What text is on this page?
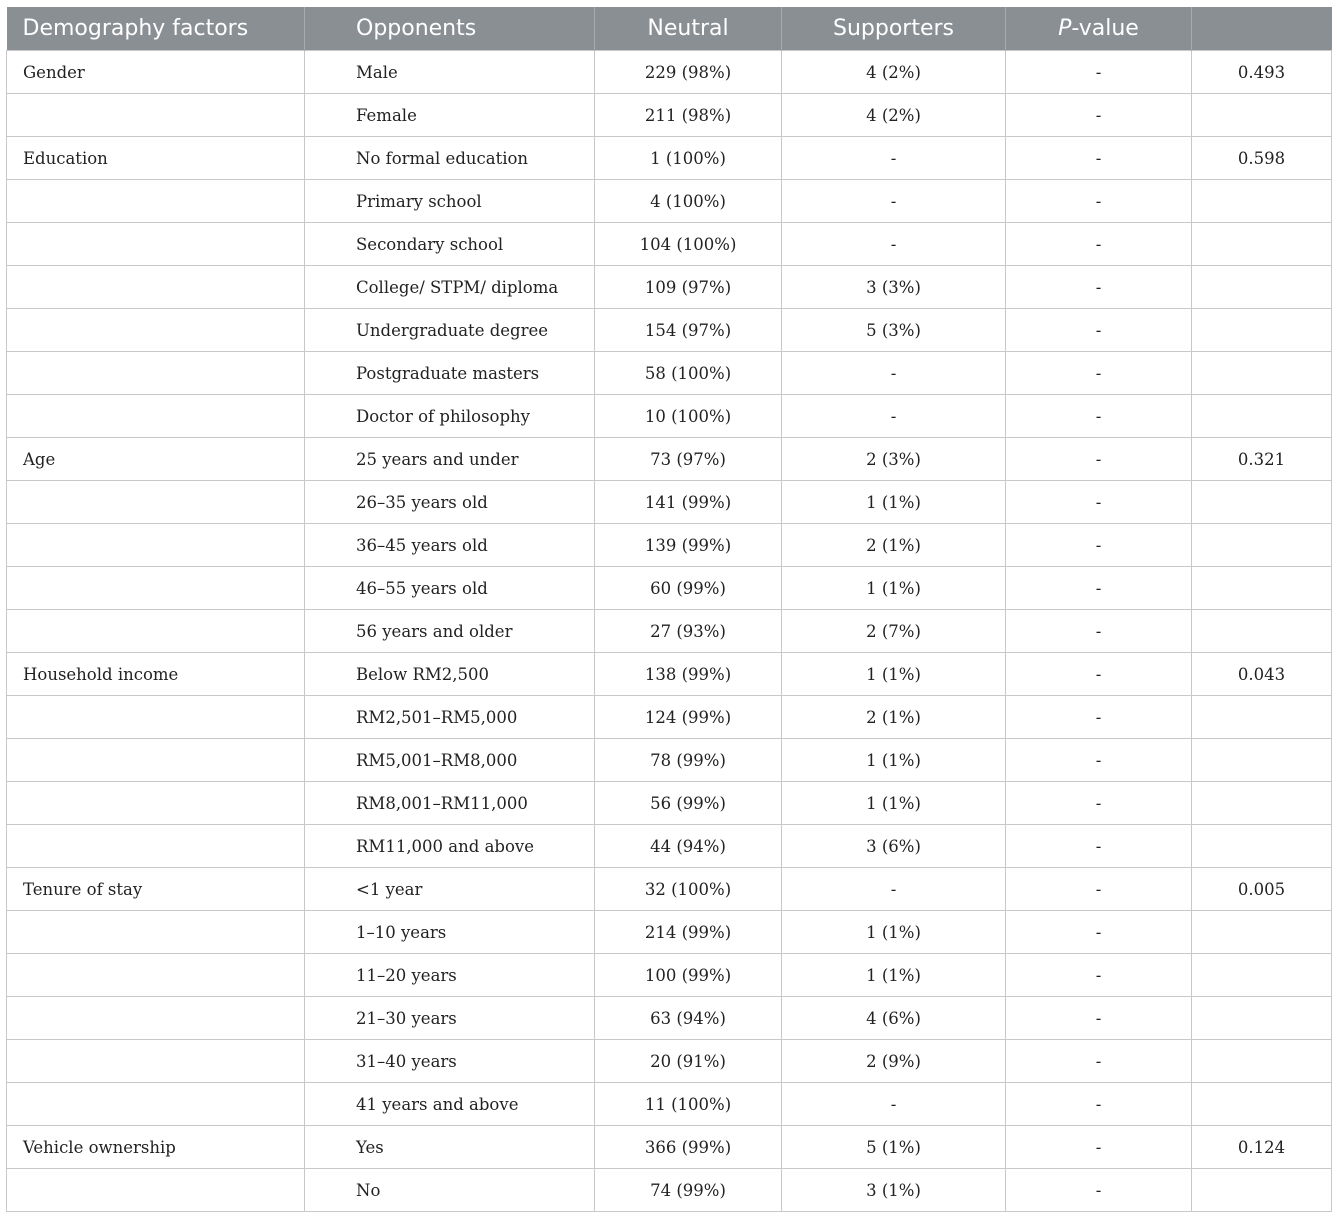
Demography factors	Opponents	Neutral	Supporters	P-value	
Gender	Male	229 (98%)	4 (2%)	-	0.493
	Female	211 (98%)	4 (2%)	-	
Education	No formal education	1 (100%)	-	-	0.598
	Primary school	4 (100%)	-	-	
	Secondary school	104 (100%)	-	-	
	College/ STPM/ diploma	109 (97%)	3 (3%)	-	
	Undergraduate degree	154 (97%)	5 (3%)	-	
	Postgraduate masters	58 (100%)	-	-	
	Doctor of philosophy	10 (100%)	-	-	
Age	25 years and under	73 (97%)	2 (3%)	-	0.321
	26–35 years old	141 (99%)	1 (1%)	-	
	36–45 years old	139 (99%)	2 (1%)	-	
	46–55 years old	60 (99%)	1 (1%)	-	
	56 years and older	27 (93%)	2 (7%)	-	
Household income	Below RM2,500	138 (99%)	1 (1%)	-	0.043
	RM2,501–RM5,000	124 (99%)	2 (1%)	-	
	RM5,001–RM8,000	78 (99%)	1 (1%)	-	
	RM8,001–RM11,000	56 (99%)	1 (1%)	-	
	RM11,000 and above	44 (94%)	3 (6%)	-	
Tenure of stay	<1 year	32 (100%)	-	-	0.005
	1–10 years	214 (99%)	1 (1%)	-	
	11–20 years	100 (99%)	1 (1%)	-	
	21–30 years	63 (94%)	4 (6%)	-	
	31–40 years	20 (91%)	2 (9%)	-	
	41 years and above	11 (100%)	-	-	
Vehicle ownership	Yes	366 (99%)	5 (1%)	-	0.124
	No	74 (99%)	3 (1%)	-	
